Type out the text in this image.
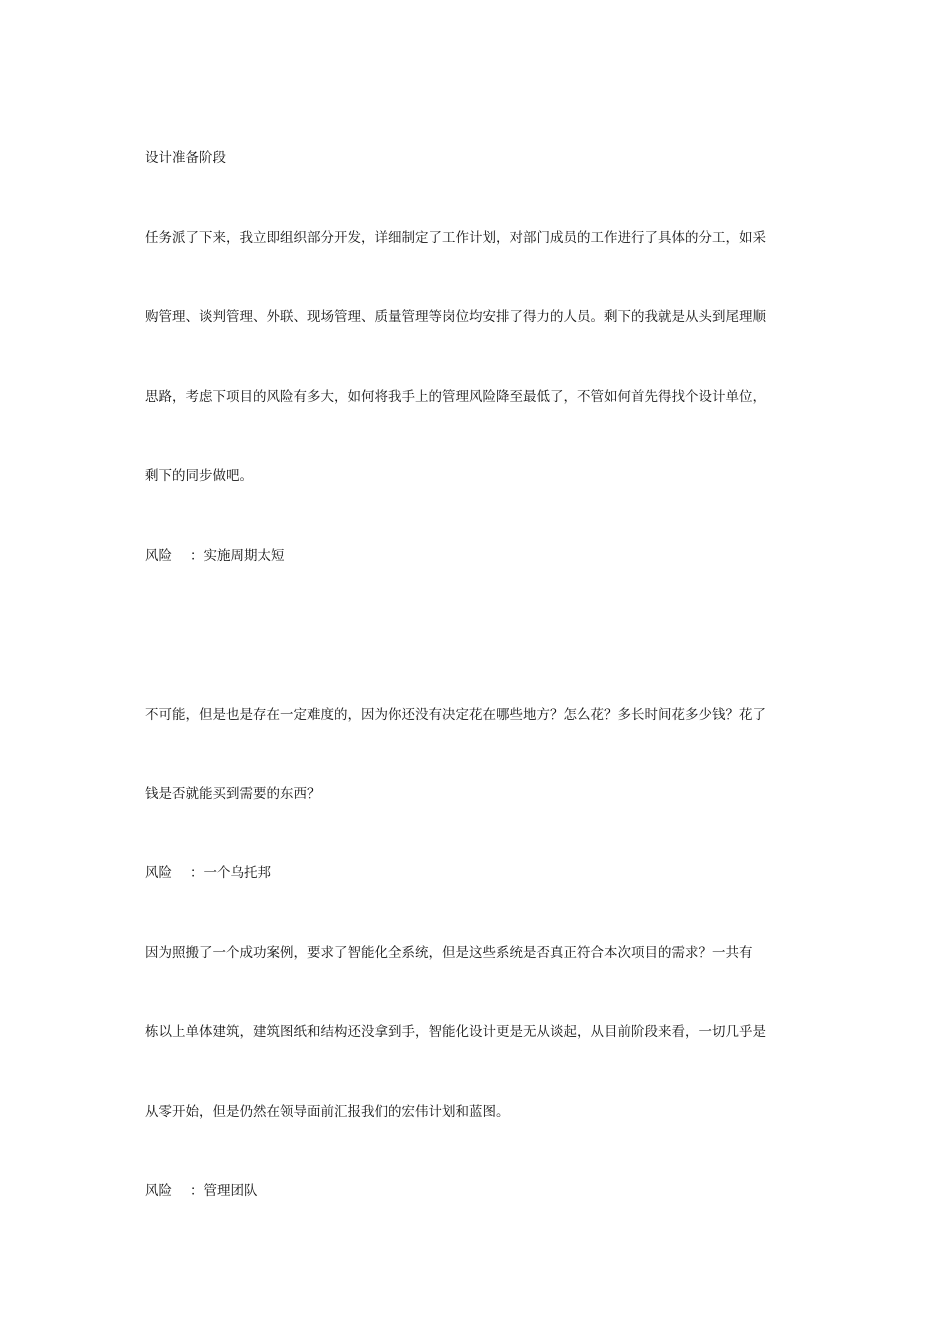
设计准备阶段
任务派了下来，我立即组织部分开发，详细制定了工作计划，对部门成员的工作进行了具体的分工，如采
购管理、谈判管理、外联、现场管理、质量管理等岗位均安排了得力的人员。剩下的我就是从头到尾理顺
思路，考虑下项目的风险有多大，如何将我手上的管理风险降至最低了，不管如何首先得找个设计单位，
剩下的同步做吧。
风险 ：实施周期太短
不可能，但是也是存在一定难度的，因为你还没有决定花在哪些地方？怎么花？多长时间花多少钱？花了
钱是否就能买到需要的东西？
风险 ：一个乌托邦
因为照搬了一个成功案例，要求了智能化全系统，但是这些系统是否真正符合本次项目的需求？一共有
栋以上单体建筑，建筑图纸和结构还没拿到手，智能化设计更是无从谈起，从目前阶段来看，一切几乎是
从零开始，但是仍然在领导面前汇报我们的宏伟计划和蓝图。
风险 ：管理团队
